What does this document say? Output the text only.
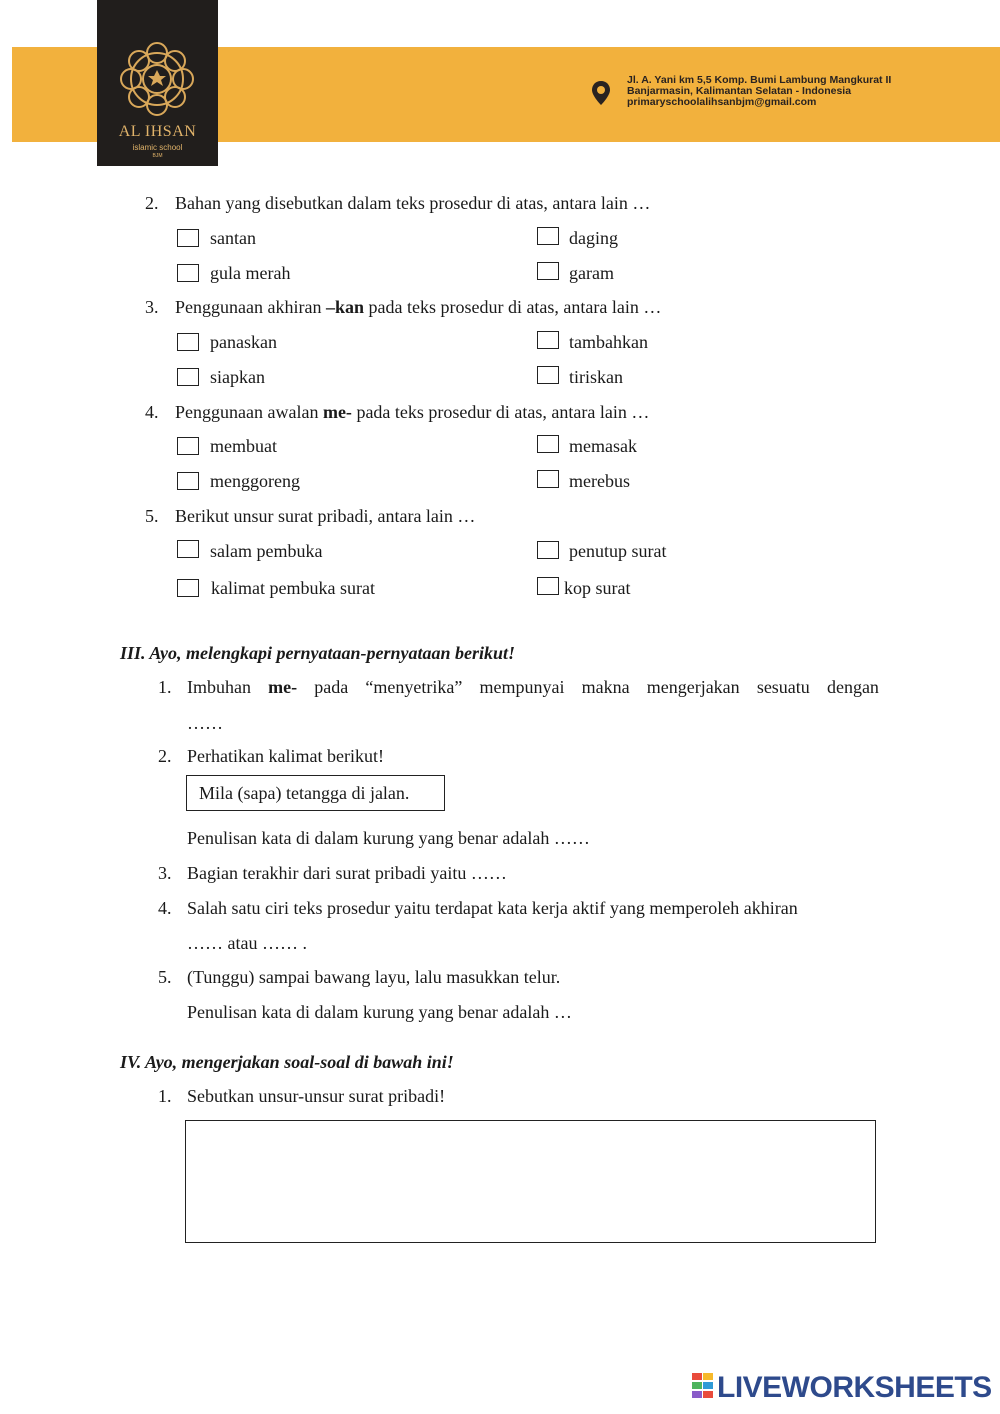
AL IHSAN
islamic school
BJM
Jl. A. Yani km 5,5 Komp. Bumi Lambung Mangkurat II
Banjarmasin, Kalimantan Selatan - Indonesia
primaryschoolalihsanbjm@gmail.com
2. Bahan yang disebutkan dalam teks prosedur di atas, antara lain …
santan	daging
gula merah	garam
3. Penggunaan akhiran –kan pada teks prosedur di atas, antara lain …
panaskan	tambahkan
siapkan	tiriskan
4. Penggunaan awalan me- pada teks prosedur di atas, antara lain …
membuat	memasak
menggoreng	merebus
5. Berikut unsur surat pribadi, antara lain …
salam pembuka	penutup surat
kalimat pembuka surat	kop surat
III. Ayo, melengkapi pernyataan-pernyataan berikut!
1. Imbuhan me- pada “menyetrika” mempunyai makna mengerjakan sesuatu dengan
……
2. Perhatikan kalimat berikut!
Mila (sapa) tetangga di jalan.
Penulisan kata di dalam kurung yang benar adalah ……
3. Bagian terakhir dari surat pribadi yaitu ……
4. Salah satu ciri teks prosedur yaitu terdapat kata kerja aktif yang memperoleh akhiran
…… atau …… .
5. (Tunggu) sampai bawang layu, lalu masukkan telur.
Penulisan kata di dalam kurung yang benar adalah …
IV. Ayo, mengerjakan soal-soal di bawah ini!
1. Sebutkan unsur-unsur surat pribadi!
LIVEWORKSHEETS
